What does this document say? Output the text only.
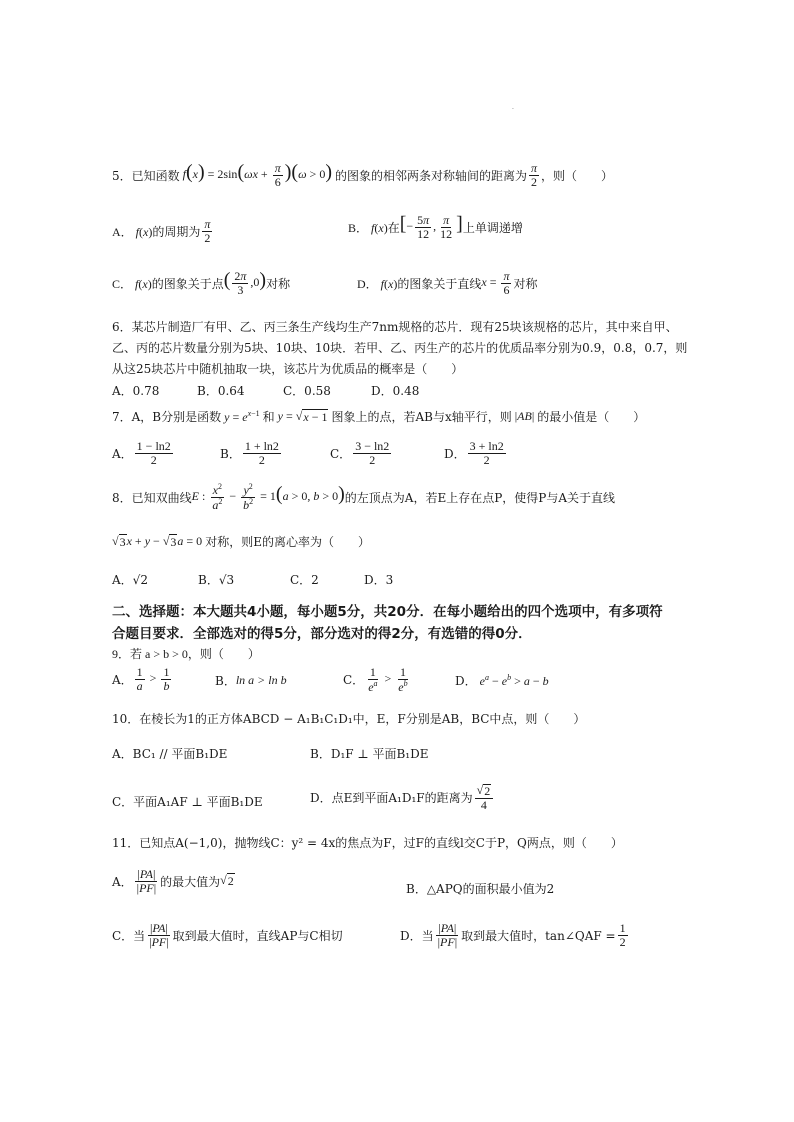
.
5．已知函数 $f(x) = 2\sin(\omega x + \frac{\pi}{6} )(\omega > 0)$ 的图象的相邻两条对称轴间的距离为 $\frac{\pi}{2}$ ，则（　　）
A． f(x) 的周期为 $\frac{\pi}{2}$	B． f(x) 在 [− $\frac{5\pi}{12}$ , $\frac{\pi}{12}$ ] 上单调递增
C． f(x) 的图象关于点 ( $\frac{2\pi}{3} ,0$) 对称	D． f(x) 的图象关于直线 $x = \frac{\pi}{6}$ 对称
6．某芯片制造厂有甲、乙、丙三条生产线均生产7nm规格的芯片．现有25块该规格的芯片，其中来自甲、
乙、丙的芯片数量分别为5块、10块、10块．若甲、乙、丙生产的芯片的优质品率分别为0.9，0.8，0.7，则
从这25块芯片中随机抽取一块，该芯片为优质品的概率是（　　）
A．0.78	B．0.64	C．0.58	D．0.48
7．A，B分别是函数 $y = e^{x-1}$ 和 y = √ x − 1
图象上的点，若AB与x轴平行，则 |AB| 的最小值是（　　）
A． $\frac{1 - \ln 2}{2}$	B． $\frac{1 + \ln 2}{2}$	C． $\frac{3 - \ln 2}{2}$	D． $\frac{3 + \ln 2}{2}$
8．已知双曲线 E : $\frac{x^2}{a^2} - \frac{y^2}{b^2} = 1(a > 0$, b > 0) 的左顶点为A，若E上存在点P，使得P与A关于直线
√ 3 x + y − √ 3 a = 0 对称，则E的离心率为（　　）
A．√2	B．√3	C．2	D．3
二、选择题：本大题共4小题，每小题5分，共20分．在每小题给出的四个选项中，有多项符
合题目要求．全部选对的得5分，部分选对的得2分，有选错的得0分．
9．若 a > b > 0，则（　　）
A． $\frac{1}{a} > \frac{1}{b}$	B． ln a > ln b	C． $\frac{1}{e^a} > \frac{1}{e^b}$	D． $e^a - e^b > a - b$
10．在棱长为1的正方体ABCD − A₁B₁C₁D₁中，E，F分别是AB，BC中点，则（　　）
A．BC₁ // 平面B₁DE	B．D₁F ⊥ 平面B₁DE
C．平面A₁AF ⊥ 平面B₁DE	D．点E到平面A₁D₁F的距离为 $\frac{√ 2}{4}$
11．已知点A(−1,0)，抛物线C：y² = 4x的焦点为F，过F的直线l交C于P，Q两点，则（　　）
A． $\frac{|PA|}{|PF|}$ 的最大值为 √ 2
B．△APQ的面积最小值为2
C．当 $\frac{|PA|}{|PF|}$ 取到最大值时，直线AP与C相切	D．当 $\frac{|PA|}{|PF|}$ 取到最大值时，tan∠QAF = $\frac{1}{2}$
